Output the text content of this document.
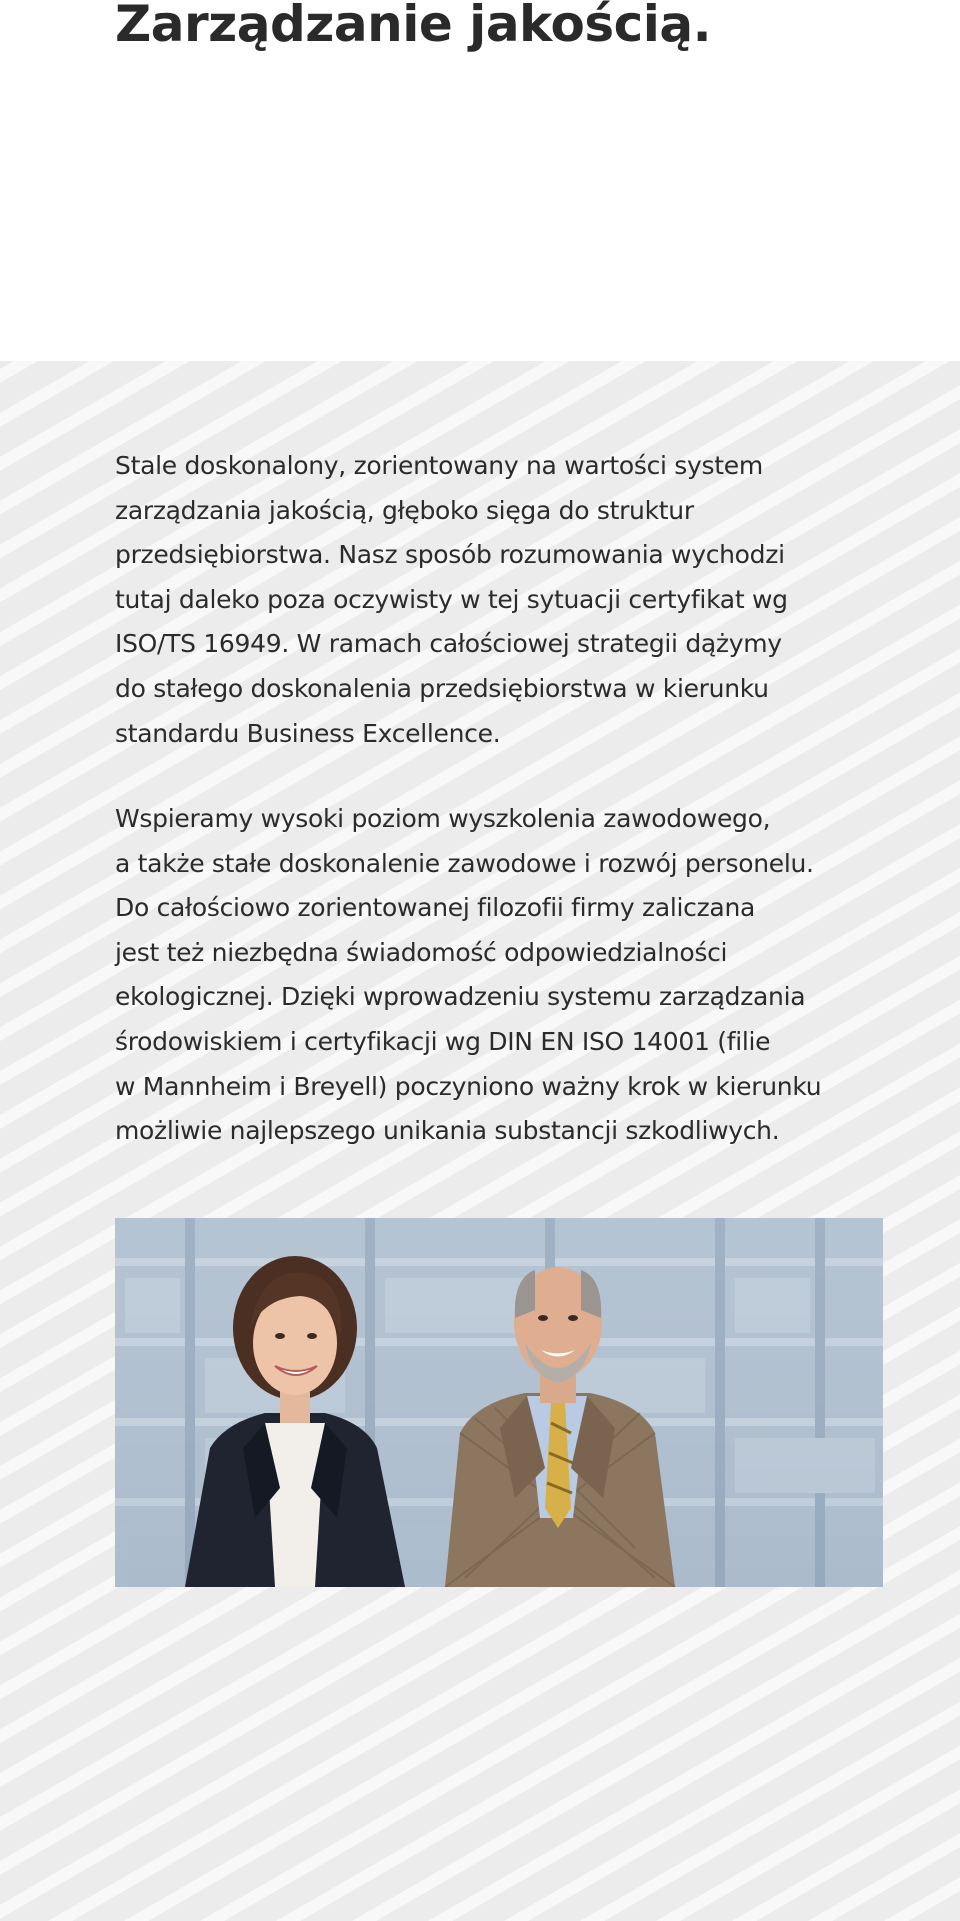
Zarządzanie jakością.

Stale doskonalony, zorientowany na wartości system
zarządzania jakością, głęboko sięga do struktur
przedsiębiorstwa. Nasz sposób rozumowania wychodzi
tutaj daleko poza oczywisty w tej sytuacji certyfikat wg
ISO/TS 16949. W ramach całościowej strategii dążymy
do stałego doskonalenia przedsiębiorstwa w kierunku
standardu Business Excellence.

Wspieramy wysoki poziom wyszkolenia zawodowego,
a także stałe doskonalenie zawodowe i rozwój personelu.
Do całościowo zorientowanej filozofii firmy zaliczana
jest też niezbędna świadomość odpowiedzialności
ekologicznej. Dzięki wprowadzeniu systemu zarządzania
środowiskiem i certyfikacji wg DIN EN ISO 14001 (filie
w Mannheim i Breyell) poczyniono ważny krok w kierunku
możliwie najlepszego unikania substancji szkodliwych.
